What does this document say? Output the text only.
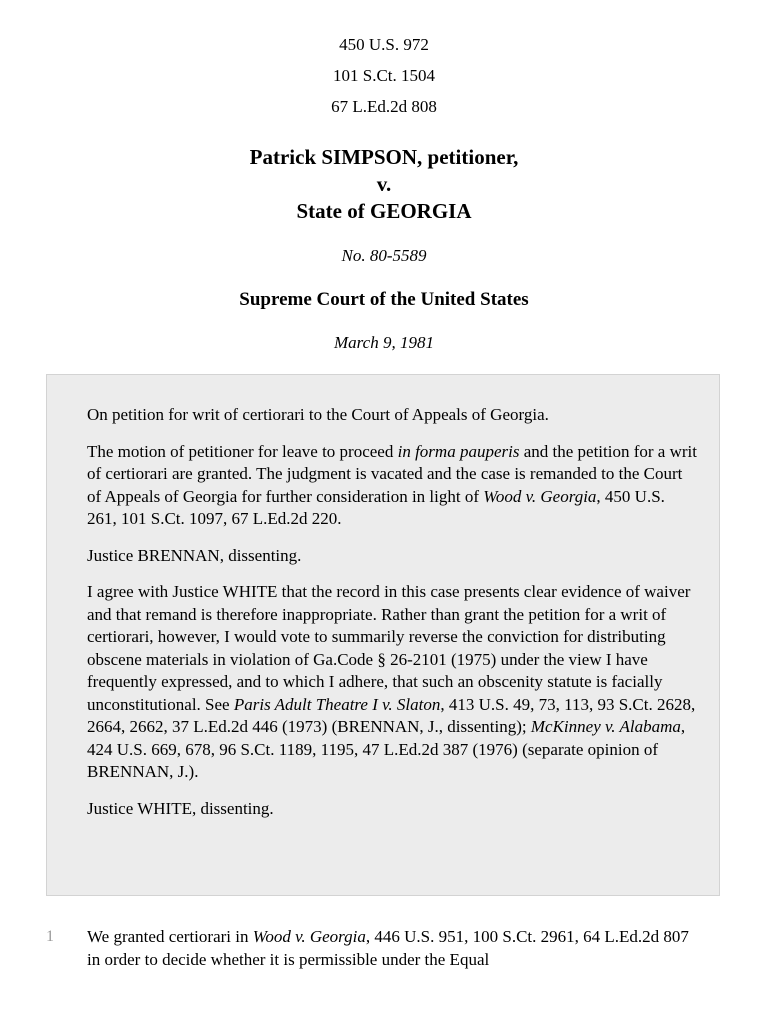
450 U.S. 972
101 S.Ct. 1504
67 L.Ed.2d 808
Patrick SIMPSON, petitioner,
v.
State of GEORGIA
No. 80-5589
Supreme Court of the United States
March 9, 1981

On petition for writ of certiorari to the Court of Appeals of Georgia.

The motion of petitioner for leave to proceed in forma pauperis and the petition for a writ of certiorari are granted. The judgment is vacated and the case is remanded to the Court of Appeals of Georgia for further consideration in light of Wood v. Georgia, 450 U.S. 261, 101 S.Ct. 1097, 67 L.Ed.2d 220.

Justice BRENNAN, dissenting.

I agree with Justice WHITE that the record in this case presents clear evidence of waiver and that remand is therefore inappropriate. Rather than grant the petition for a writ of certiorari, however, I would vote to summarily reverse the conviction for distributing obscene materials in violation of Ga.Code § 26-2101 (1975) under the view I have frequently expressed, and to which I adhere, that such an obscenity statute is facially unconstitutional. See Paris Adult Theatre I v. Slaton, 413 U.S. 49, 73, 113, 93 S.Ct. 2628, 2664, 2662, 37 L.Ed.2d 446 (1973) (BRENNAN, J., dissenting); McKinney v. Alabama, 424 U.S. 669, 678, 96 S.Ct. 1189, 1195, 47 L.Ed.2d 387 (1976) (separate opinion of BRENNAN, J.).

Justice WHITE, dissenting.

1 We granted certiorari in Wood v. Georgia, 446 U.S. 951, 100 S.Ct. 2961, 64 L.Ed.2d 807 in order to decide whether it is permissible under the Equal
